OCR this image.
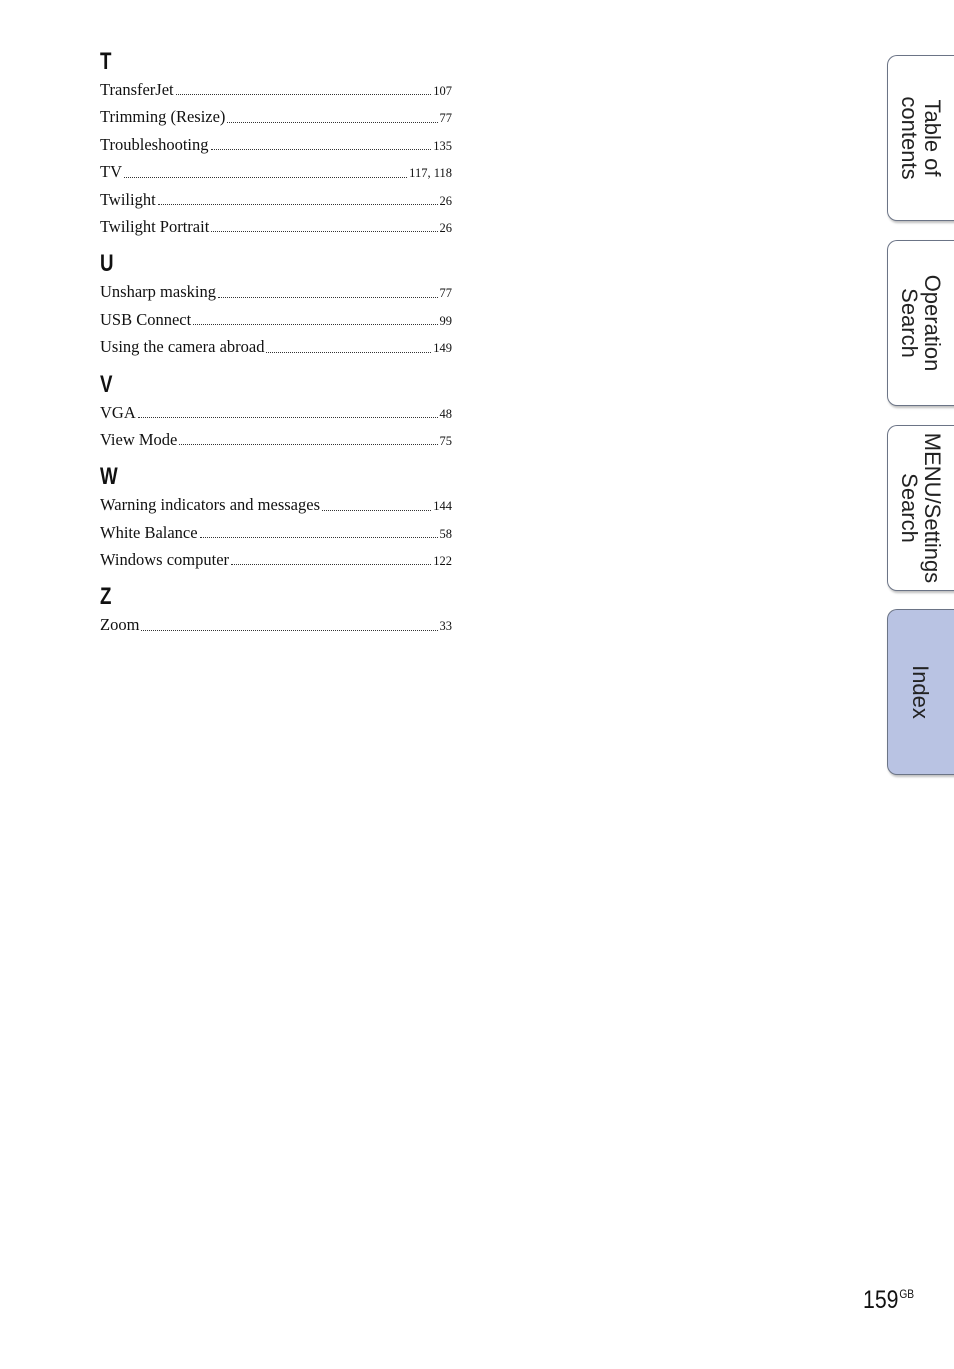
T
TransferJet	107
Trimming (Resize)	77
Troubleshooting	135
TV	117, 118
Twilight	26
Twilight Portrait	26
U
Unsharp masking	77
USB Connect	99
Using the camera abroad	149
V
VGA	48
View Mode	75
W
Warning indicators and messages	144
White Balance	58
Windows computer	122
Z
Zoom	33
Table of
contents
Operation
Search
MENU/Settings
Search
Index
$159^{GB}$
